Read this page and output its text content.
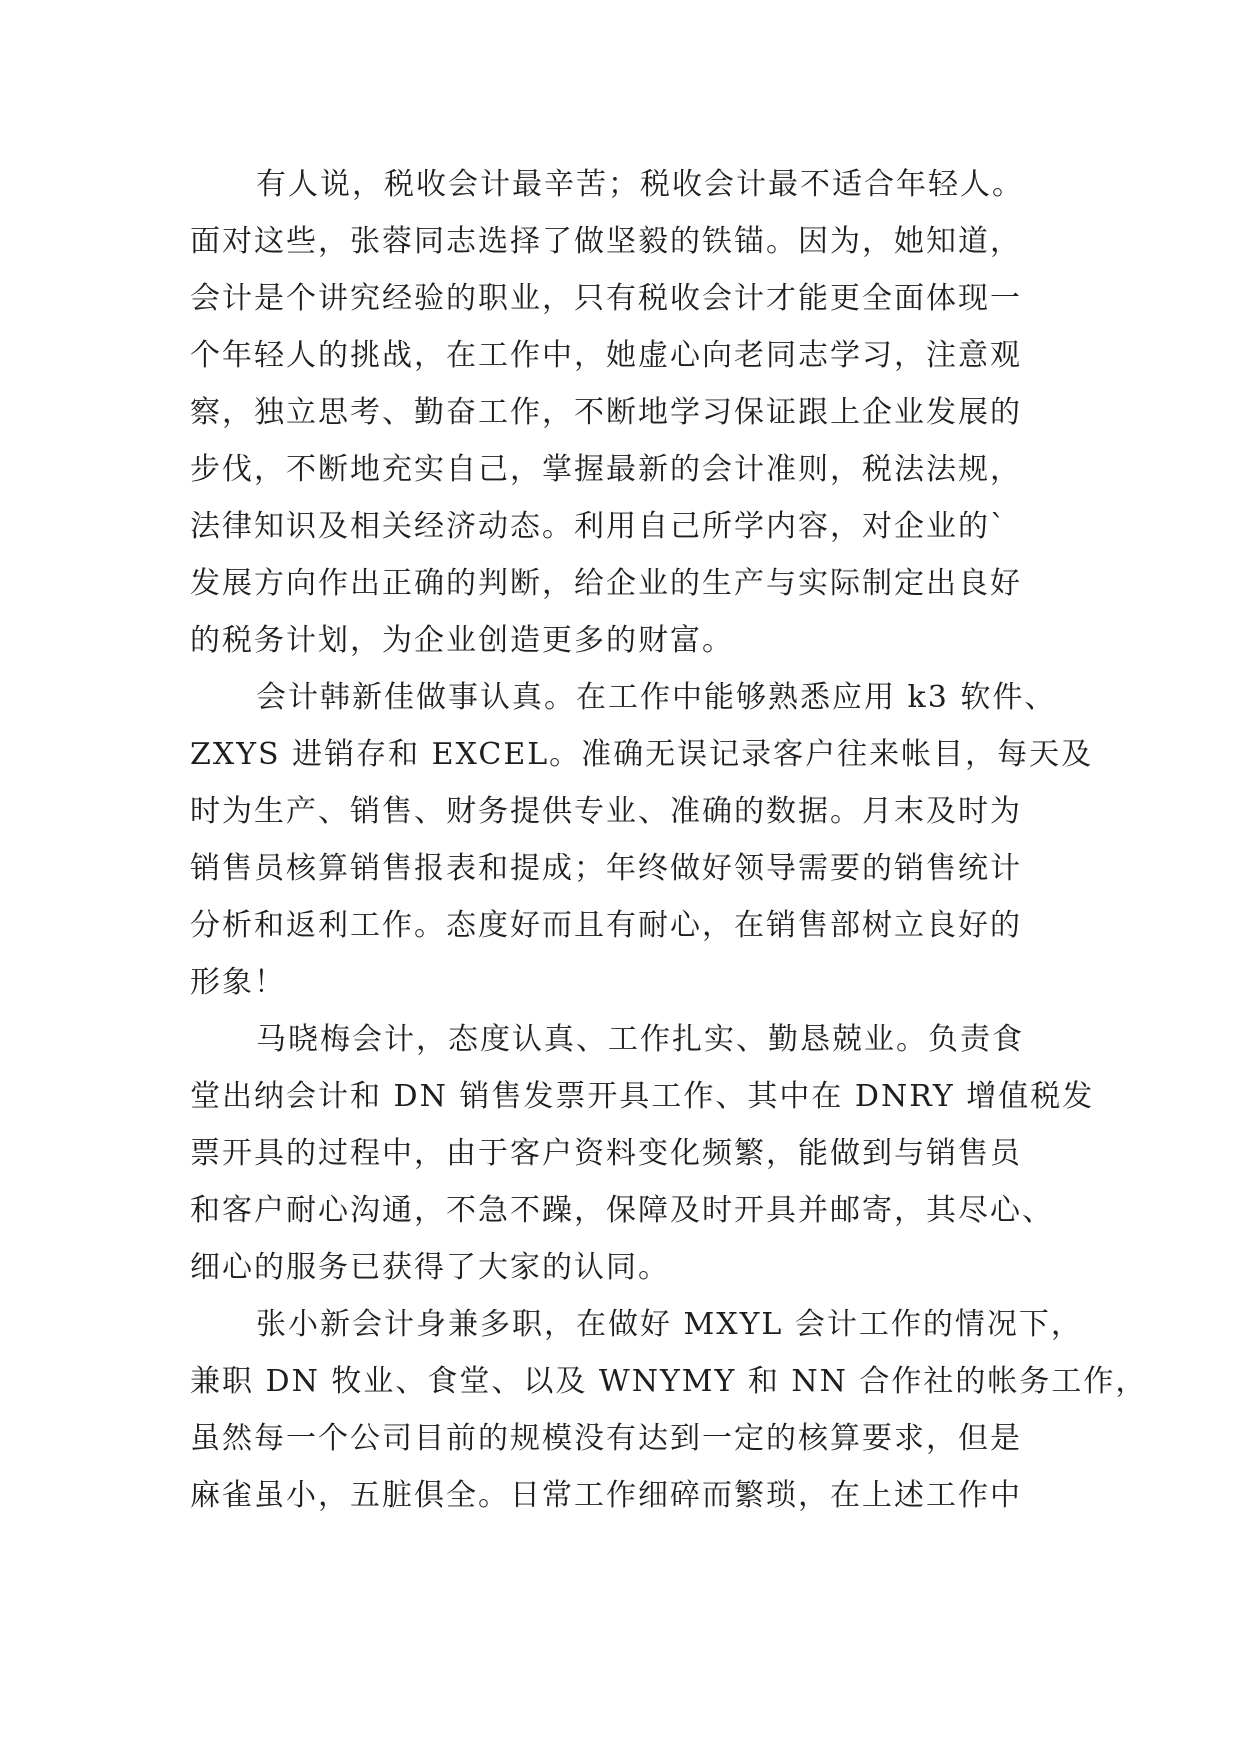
有人说，税收会计最辛苦；税收会计最不适合年轻人。
面对这些，张蓉同志选择了做坚毅的铁锚。因为，她知道，
会计是个讲究经验的职业，只有税收会计才能更全面体现一
个年轻人的挑战，在工作中，她虚心向老同志学习，注意观
察，独立思考、勤奋工作，不断地学习保证跟上企业发展的
步伐，不断地充实自己，掌握最新的会计准则，税法法规，
法律知识及相关经济动态。利用自己所学内容，对企业的`
发展方向作出正确的判断，给企业的生产与实际制定出良好
的税务计划，为企业创造更多的财富。
会计韩新佳做事认真。在工作中能够熟悉应用 k3 软件、
ZXYS 进销存和 EXCEL。准确无误记录客户往来帐目，每天及
时为生产、销售、财务提供专业、准确的数据。月末及时为
销售员核算销售报表和提成；年终做好领导需要的销售统计
分析和返利工作。态度好而且有耐心，在销售部树立良好的
形象！
马晓梅会计，态度认真、工作扎实、勤恳兢业。负责食
堂出纳会计和 DN 销售发票开具工作、其中在 DNRY 增值税发
票开具的过程中，由于客户资料变化频繁，能做到与销售员
和客户耐心沟通，不急不躁，保障及时开具并邮寄，其尽心、
细心的服务已获得了大家的认同。
张小新会计身兼多职，在做好 MXYL 会计工作的情况下，
兼职 DN 牧业、食堂、以及 WNYMY 和 NN 合作社的帐务工作，
虽然每一个公司目前的规模没有达到一定的核算要求，但是
麻雀虽小，五脏俱全。日常工作细碎而繁琐，在上述工作中
